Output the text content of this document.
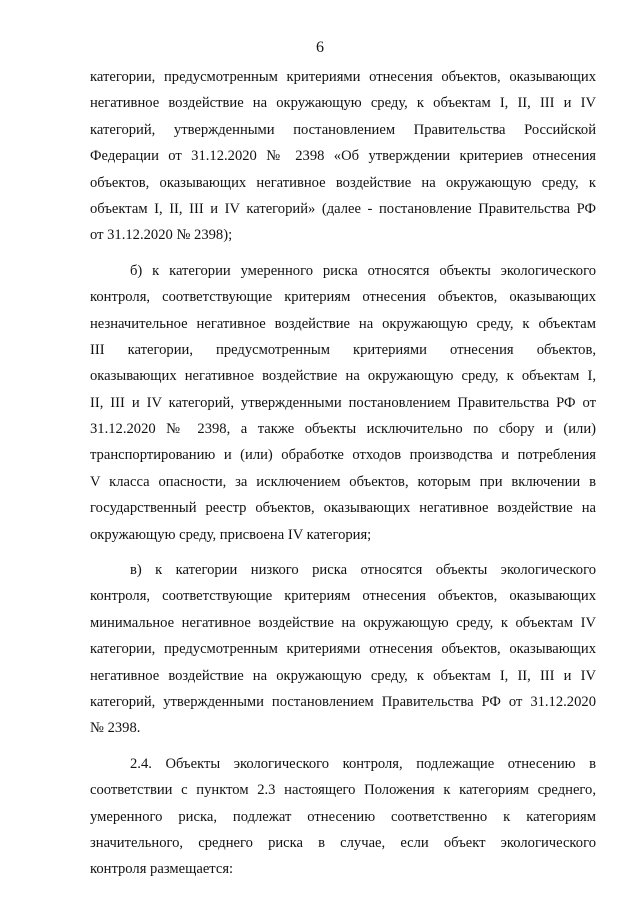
6
категории, предусмотренным критериями отнесения объектов, оказывающих
негативное воздействие на окружающую среду, к объектам I, II, III и IV
категорий, утвержденными постановлением Правительства Российской
Федерации от 31.12.2020 № 2398 «Об утверждении критериев отнесения
объектов, оказывающих негативное воздействие на окружающую среду, к
объектам I, II, III и IV категорий» (далее - постановление Правительства РФ
от 31.12.2020 № 2398);
б) к категории умеренного риска относятся объекты экологического
контроля, соответствующие критериям отнесения объектов, оказывающих
незначительное негативное воздействие на окружающую среду, к объектам
III категории, предусмотренным критериями отнесения объектов,
оказывающих негативное воздействие на окружающую среду, к объектам I,
II, III и IV категорий, утвержденными постановлением Правительства РФ от
31.12.2020 № 2398, а также объекты исключительно по сбору и (или)
транспортированию и (или) обработке отходов производства и потребления
V класса опасности, за исключением объектов, которым при включении в
государственный реестр объектов, оказывающих негативное воздействие на
окружающую среду, присвоена IV категория;
в) к категории низкого риска относятся объекты экологического
контроля, соответствующие критериям отнесения объектов, оказывающих
минимальное негативное воздействие на окружающую среду, к объектам IV
категории, предусмотренным критериями отнесения объектов, оказывающих
негативное воздействие на окружающую среду, к объектам I, II, III и IV
категорий, утвержденными постановлением Правительства РФ от 31.12.2020
№ 2398.
2.4. Объекты экологического контроля, подлежащие отнесению в
соответствии с пунктом 2.3 настоящего Положения к категориям среднего,
умеренного риска, подлежат отнесению соответственно к категориям
значительного, среднего риска в случае, если объект экологического
контроля размещается:
